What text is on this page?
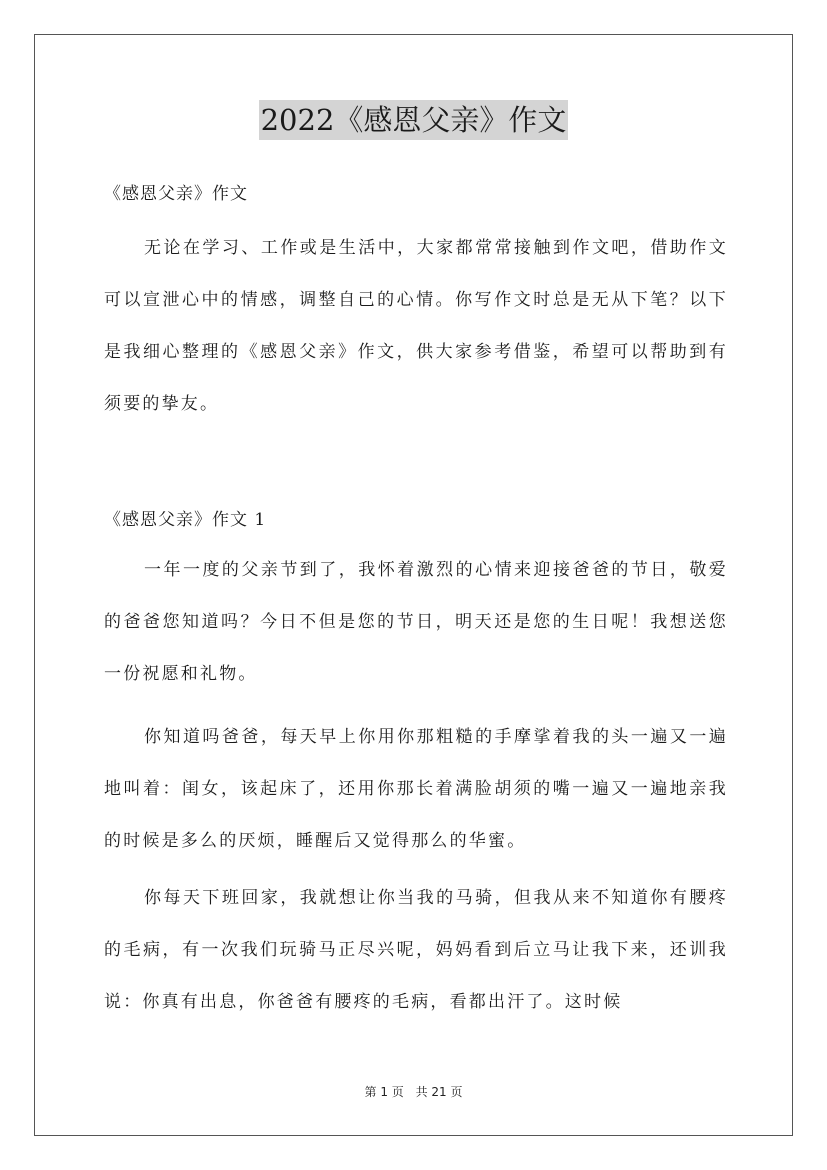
2022《感恩父亲》作文
《感恩父亲》作文

无论在学习、工作或是生活中，大家都常常接触到作文吧，借助作文可以宣泄心中的情感，调整自己的心情。你写作文时总是无从下笔？以下是我细心整理的《感恩父亲》作文，供大家参考借鉴，希望可以帮助到有须要的挚友。

《感恩父亲》作文 1

一年一度的父亲节到了，我怀着激烈的心情来迎接爸爸的节日，敬爱的爸爸您知道吗？今日不但是您的节日，明天还是您的生日呢！我想送您一份祝愿和礼物。

你知道吗爸爸，每天早上你用你那粗糙的手摩挲着我的头一遍又一遍地叫着：闺女，该起床了，还用你那长着满脸胡须的嘴一遍又一遍地亲我的时候是多么的厌烦，睡醒后又觉得那么的华蜜。

你每天下班回家，我就想让你当我的马骑，但我从来不知道你有腰疼的毛病，有一次我们玩骑马正尽兴呢，妈妈看到后立马让我下来，还训我说：你真有出息，你爸爸有腰疼的毛病，看都出汗了。这时候

第 1 页 共 21 页
